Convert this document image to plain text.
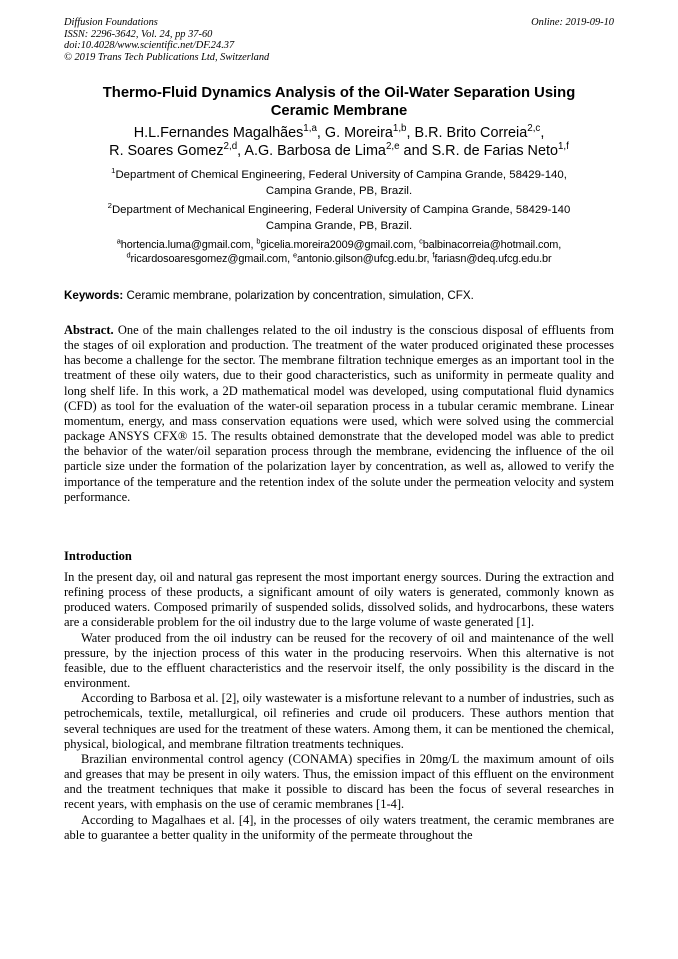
Diffusion Foundations
ISSN: 2296-3642, Vol. 24, pp 37-60
doi:10.4028/www.scientific.net/DF.24.37
© 2019 Trans Tech Publications Ltd, Switzerland
Online: 2019-09-10
Thermo-Fluid Dynamics Analysis of the Oil-Water Separation Using
Ceramic Membrane
H.L.Fernandes Magalhães$^{1,a}$, G. Moreira$^{1,b}$, B.R. Brito Correia$^{2,c}$,
R. Soares Gomez$^{2,d}$, A.G. Barbosa de Lima$^{2,e}$ and S.R. de Farias Neto$^{1,f}$
$^1$Department of Chemical Engineering, Federal University of Campina Grande, 58429-140,
Campina Grande, PB, Brazil.
$^2$Department of Mechanical Engineering, Federal University of Campina Grande, 58429-140
Campina Grande, PB, Brazil.
$^a$hortencia.luma@gmail.com, $^b$gicelia.moreira2009@gmail.com, $^c$balbinacorreia@hotmail.com,
$^d$ricardosoaresgomez@gmail.com, $^e$antonio.gilson@ufcg.edu.br, $^f$fariasn@deq.ufcg.edu.br
Keywords: Ceramic membrane, polarization by concentration, simulation, CFX.

Abstract. One of the main challenges related to the oil industry is the conscious disposal of effluents from the stages of oil exploration and production. The treatment of the water produced originated these processes has become a challenge for the sector. The membrane filtration technique emerges as an important tool in the treatment of these oily waters, due to their good characteristics, such as uniformity in permeate quality and long shelf life. In this work, a 2D mathematical model was developed, using computational fluid dynamics (CFD) as tool for the evaluation of the water-oil separation process in a tubular ceramic membrane. Linear momentum, energy, and mass conservation equations were used, which were solved using the commercial package ANSYS CFX® 15. The results obtained demonstrate that the developed model was able to predict the behavior of the water/oil separation process through the membrane, evidencing the influence of the oil particle size under the formation of the polarization layer by concentration, as well as, allowed to verify the importance of the temperature and the retention index of the solute under the permeation velocity and system performance.

Introduction

In the present day, oil and natural gas represent the most important energy sources. During the extraction and refining process of these products, a significant amount of oily waters is generated, commonly known as produced waters. Composed primarily of suspended solids, dissolved solids, and hydrocarbons, these waters are a considerable problem for the oil industry due to the large volume of waste generated [1].

Water produced from the oil industry can be reused for the recovery of oil and maintenance of the well pressure, by the injection process of this water in the producing reservoirs. When this alternative is not feasible, due to the effluent characteristics and the reservoir itself, the only possibility is the discard in the environment.

According to Barbosa et al. [2], oily wastewater is a misfortune relevant to a number of industries, such as petrochemicals, textile, metallurgical, oil refineries and crude oil producers. These authors mention that several techniques are used for the treatment of these waters. Among them, it can be mentioned the chemical, physical, biological, and membrane filtration treatments techniques.

Brazilian environmental control agency (CONAMA) specifies in 20mg/L the maximum amount of oils and greases that may be present in oily waters. Thus, the emission impact of this effluent on the environment and the treatment techniques that make it possible to discard has been the focus of several researches in recent years, with emphasis on the use of ceramic membranes [1-4].

According to Magalhaes et al. [4], in the processes of oily waters treatment, the ceramic membranes are able to guarantee a better quality in the uniformity of the permeate throughout the
